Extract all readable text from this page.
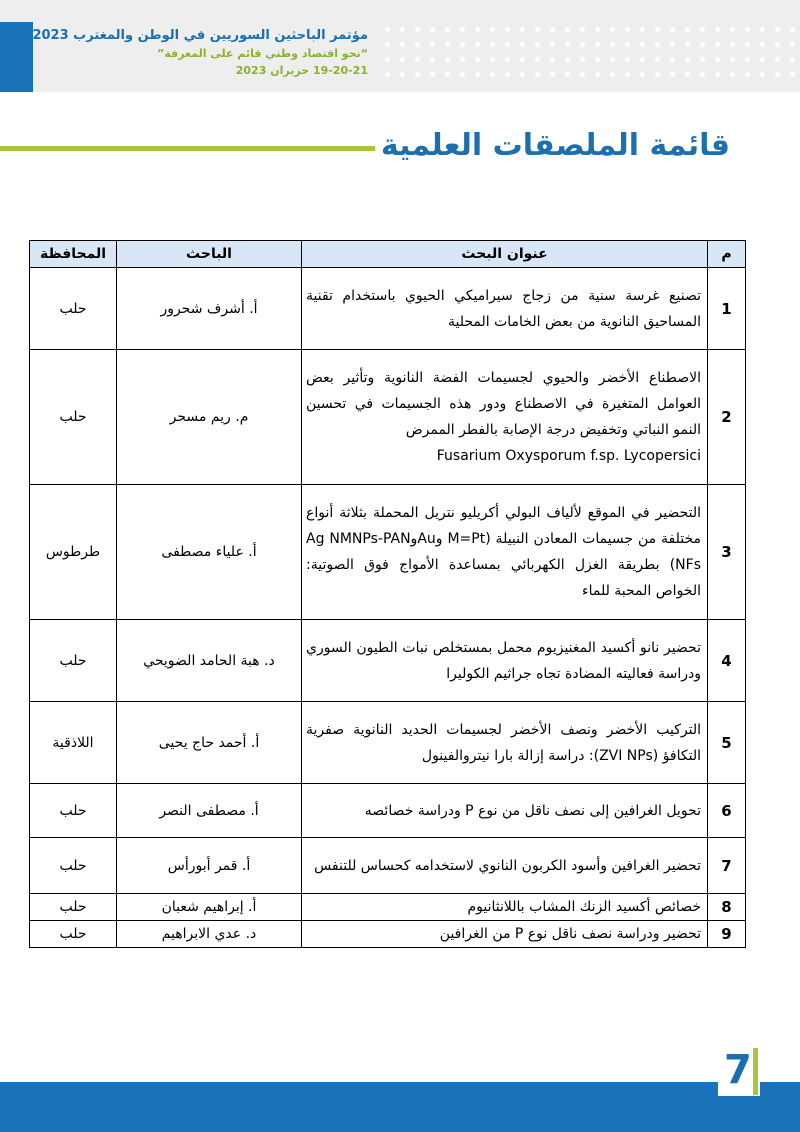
مؤتمر الباحثين السوريين في الوطن والمغترب 2023
“نحو اقتصاد وطني قائم على المعرفة”
19-20-21 حزيران 2023
قائمة الملصقات العلمية
م	عنوان البحث	الباحث	المحافظة
1	تصنيع غرسة سنية من زجاج سيراميكي الحيوي باستخدام تقنية المساحيق النانوية من بعض الخامات المحلية	أ. أشرف شحرور	حلب
2	الاصطناع الأخضر والحيوي لجسيمات الفضة النانوية وتأثير بعض العوامل المتغيرة في الاصطناع ودور هذه الجسيمات في تحسين النمو النباتي وتخفيض درجة الإصابة بالفطر الممرض
Fusarium Oxysporum f.sp. Lycopersici	م. ريم مسحر	حلب
3	التحضير في الموقع لألياف البولي أكريليو نتريل المحملة بثلاثة أنواع مختلفة من جسيمات المعادن النبيلة (M=Pt وAuوAg NMNPs-PAN NFs) بطريقة الغزل الكهربائي بمساعدة الأمواج فوق الصوتية: الخواص المحبة للماء	أ. علياء مصطفى	طرطوس
4	تحضير نانو أكسيد المغنيزيوم محمل بمستخلص نبات الطيون السوري ودراسة فعاليته المضادة تجاه جراثيم الكوليرا	د. هبة الحامد الضويحي	حلب
5	التركيب الأخضر ونصف الأخضر لجسيمات الحديد النانوية صفرية التكافؤ (ZVI NPs): دراسة إزالة بارا نيتروالفينول	أ. أحمد حاج يحيى	اللاذقية
6	تحويل الغرافين إلى نصف ناقل من نوع P ودراسة خصائصه	أ. مصطفى النصر	حلب
7	تحضير الغرافين وأسود الكربون النانوي لاستخدامه كحساس للتنفس	أ. قمر أبورأس	حلب
8	خصائص أكسيد الزنك المشاب باللانثانيوم	أ. إبراهيم شعبان	حلب
9	تحضير ودراسة نصف ناقل نوع P من الغرافين	د. عدي الابراهيم	حلب
7
